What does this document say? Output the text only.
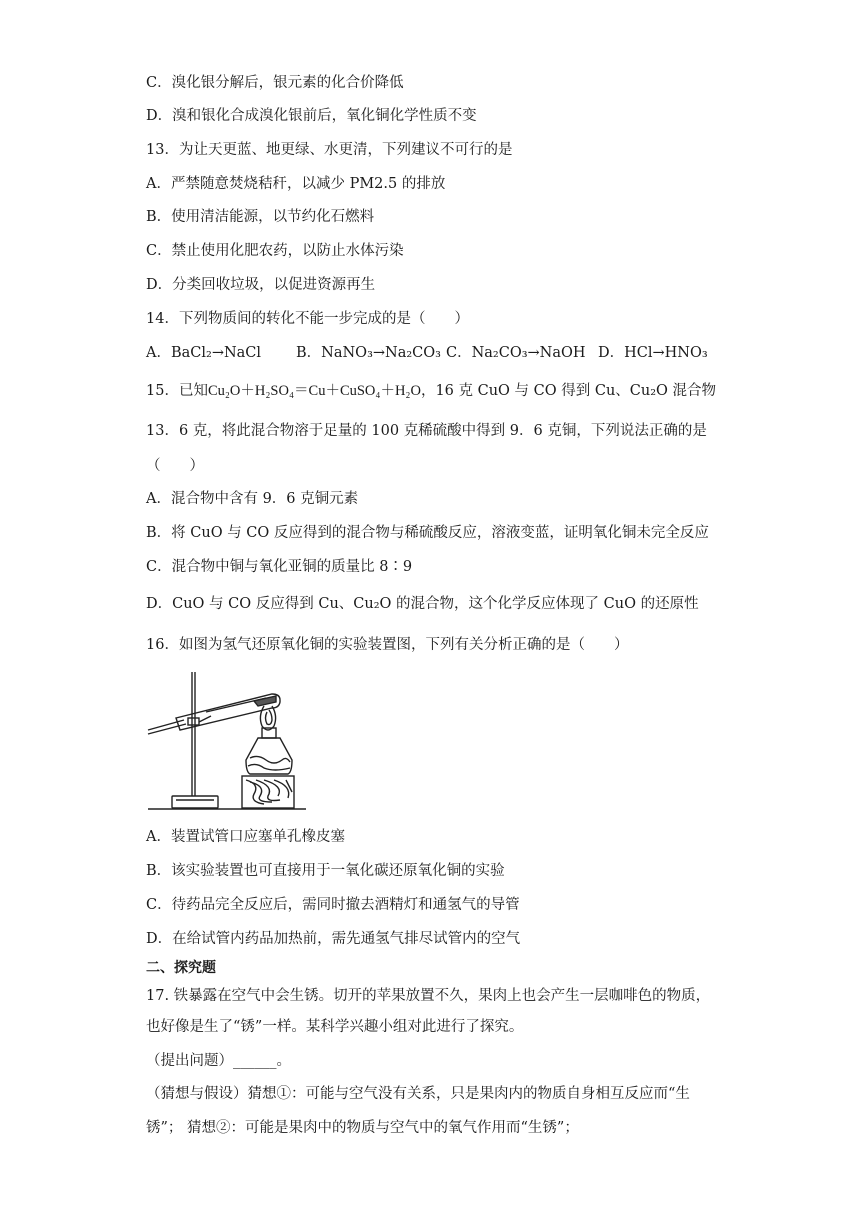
C．溴化银分解后，银元素的化合价降低
D．溴和银化合成溴化银前后，氧化铜化学性质不变
13．为让天更蓝、地更绿、水更清，下列建议不可行的是
A．严禁随意焚烧秸秆，以减少 PM2.5 的排放
B．使用清洁能源，以节约化石燃料
C．禁止使用化肥农药，以防止水体污染
D．分类回收垃圾，以促进资源再生
14．下列物质间的转化不能一步完成的是（　　）
A．BaCl₂→NaCl B．NaNO₃→Na₂CO₃ C．Na₂CO₃→NaOH D．HCl→HNO₃
15．已知Cu₂O＋H₂SO₄＝Cu＋CuSO₄＋H₂O，16 克 CuO 与 CO 得到 Cu、Cu₂O 混合物
13．6 克，将此混合物溶于足量的 100 克稀硫酸中得到 9．6 克铜，下列说法正确的是
（　　）
A．混合物中含有 9．6 克铜元素
B．将 CuO 与 CO 反应得到的混合物与稀硫酸反应，溶液变蓝，证明氧化铜未完全反应
C．混合物中铜与氧化亚铜的质量比 8∶9
D．CuO 与 CO 反应得到 Cu、Cu₂O 的混合物，这个化学反应体现了 CuO 的还原性
16．如图为氢气还原氧化铜的实验装置图，下列有关分析正确的是（　　）
A．装置试管口应塞单孔橡皮塞
B．该实验装置也可直接用于一氧化碳还原氧化铜的实验
C．待药品完全反应后，需同时撤去酒精灯和通氢气的导管
D．在给试管内药品加热前，需先通氢气排尽试管内的空气
二、探究题
17. 铁暴露在空气中会生锈。切开的苹果放置不久，果肉上也会产生一层咖啡色的物质，
也好像是生了“锈”一样。某科学兴趣小组对此进行了探究。
（提出问题）______。
（猜想与假设）猜想①：可能与空气没有关系，只是果肉内的物质自身相互反应而“生
锈”； 猜想②：可能是果肉中的物质与空气中的氧气作用而“生锈”；
